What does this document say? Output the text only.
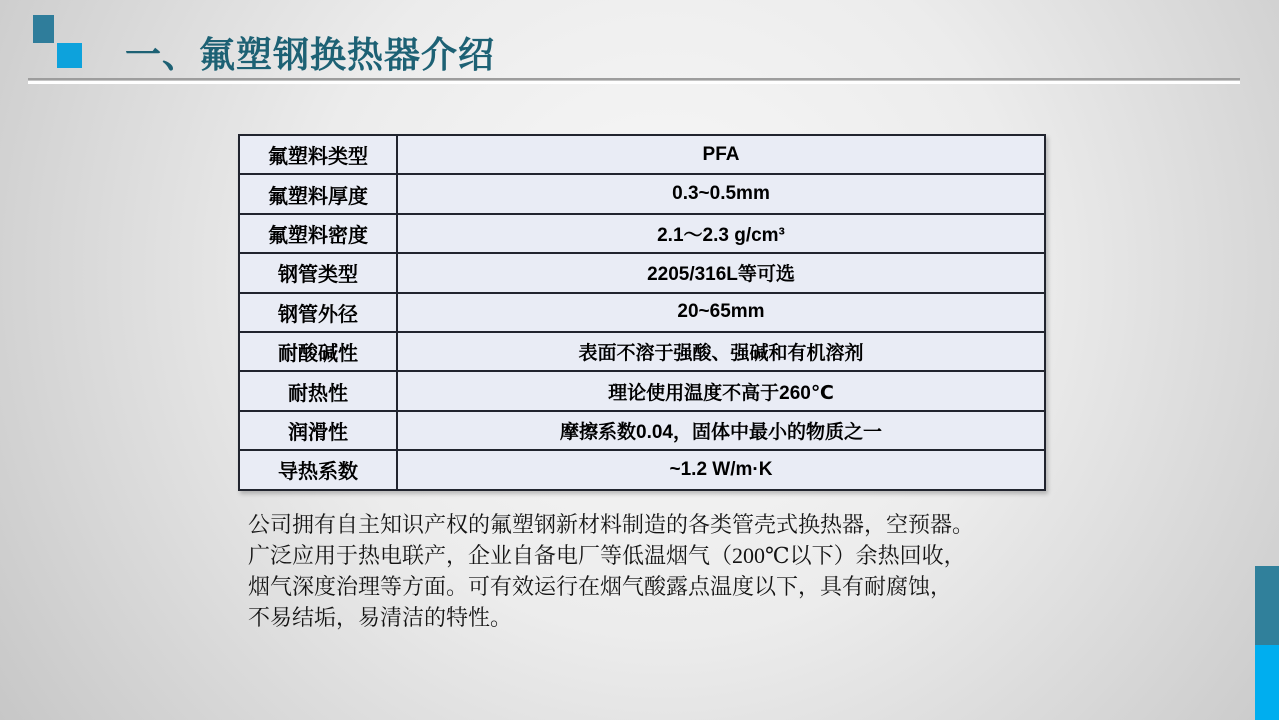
一、氟塑钢换热器介绍
氟塑料类型	PFA
氟塑料厚度	0.3~0.5mm
氟塑料密度	2.1～2.3 g/cm³
钢管类型	2205/316L等可选
钢管外径	20~65mm
耐酸碱性	表面不溶于强酸、强碱和有机溶剂
耐热性	理论使用温度不高于260℃
润滑性	摩擦系数0.04，固体中最小的物质之一
导热系数	~1.2 W/m·K
公司拥有自主知识产权的氟塑钢新材料制造的各类管壳式换热器，空预器。
广泛应用于热电联产，企业自备电厂等低温烟气（200℃以下）余热回收，
烟气深度治理等方面。可有效运行在烟气酸露点温度以下，具有耐腐蚀，
不易结垢，易清洁的特性。
